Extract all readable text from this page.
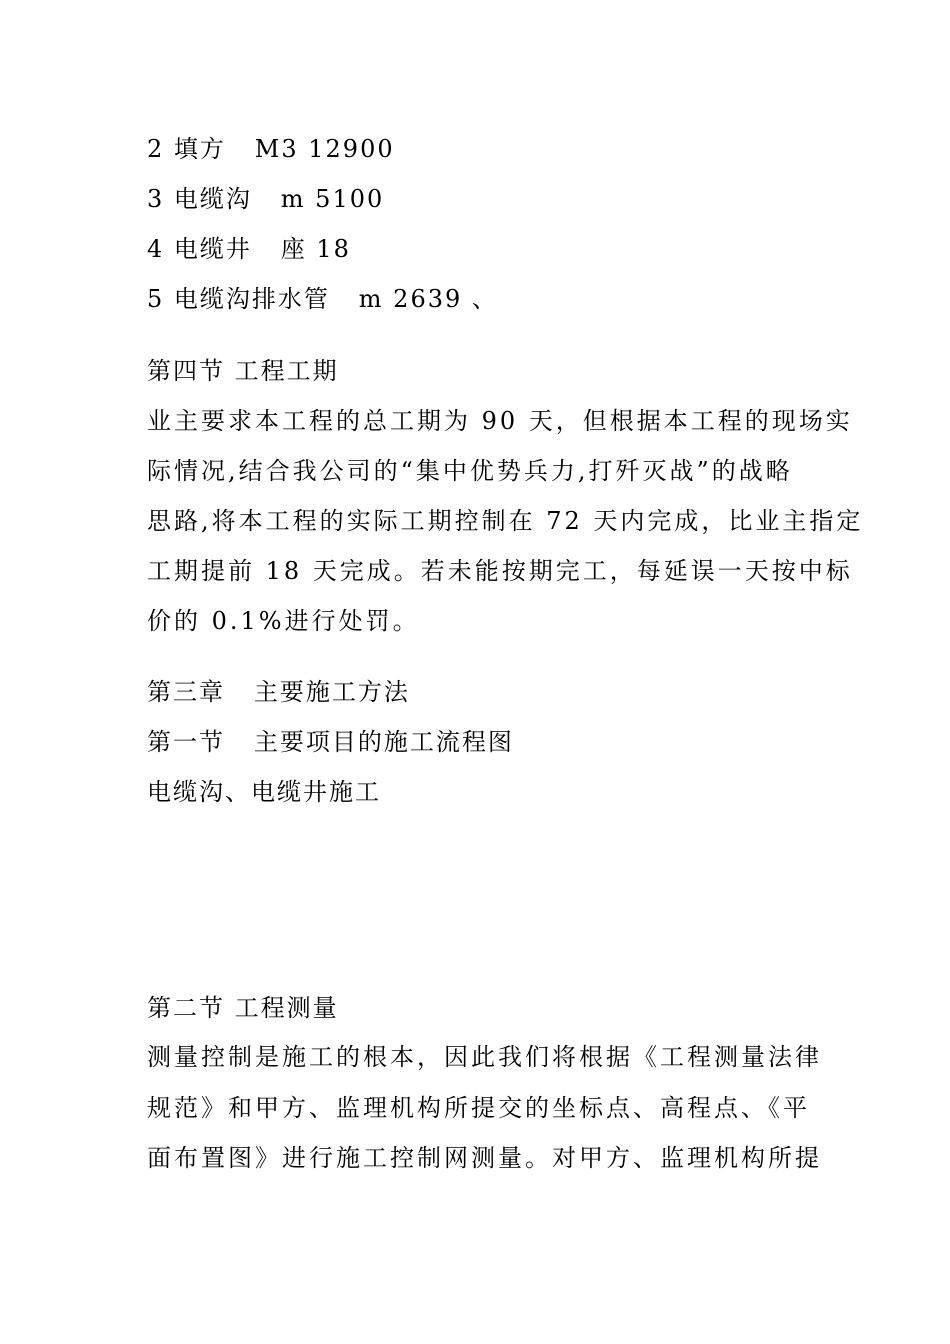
2 填方   M3 12900
3 电缆沟   m 5100
4 电缆井   座 18
5 电缆沟排水管   m 2639 、
第四节 工程工期
业主要求本工程的总工期为 90 天，但根据本工程的现场实
际情况,结合我公司的“集中优势兵力,打歼灭战”的战略
思路,将本工程的实际工期控制在 72 天内完成，比业主指定
工期提前 18 天完成。若未能按期完工，每延误一天按中标
价的 0.1%进行处罚。
第三章   主要施工方法
第一节   主要项目的施工流程图
电缆沟、电缆井施工
第二节 工程测量
测量控制是施工的根本，因此我们将根据《工程测量法律
规范》和甲方、监理机构所提交的坐标点、高程点、《平
面布置图》进行施工控制网测量。对甲方、监理机构所提
